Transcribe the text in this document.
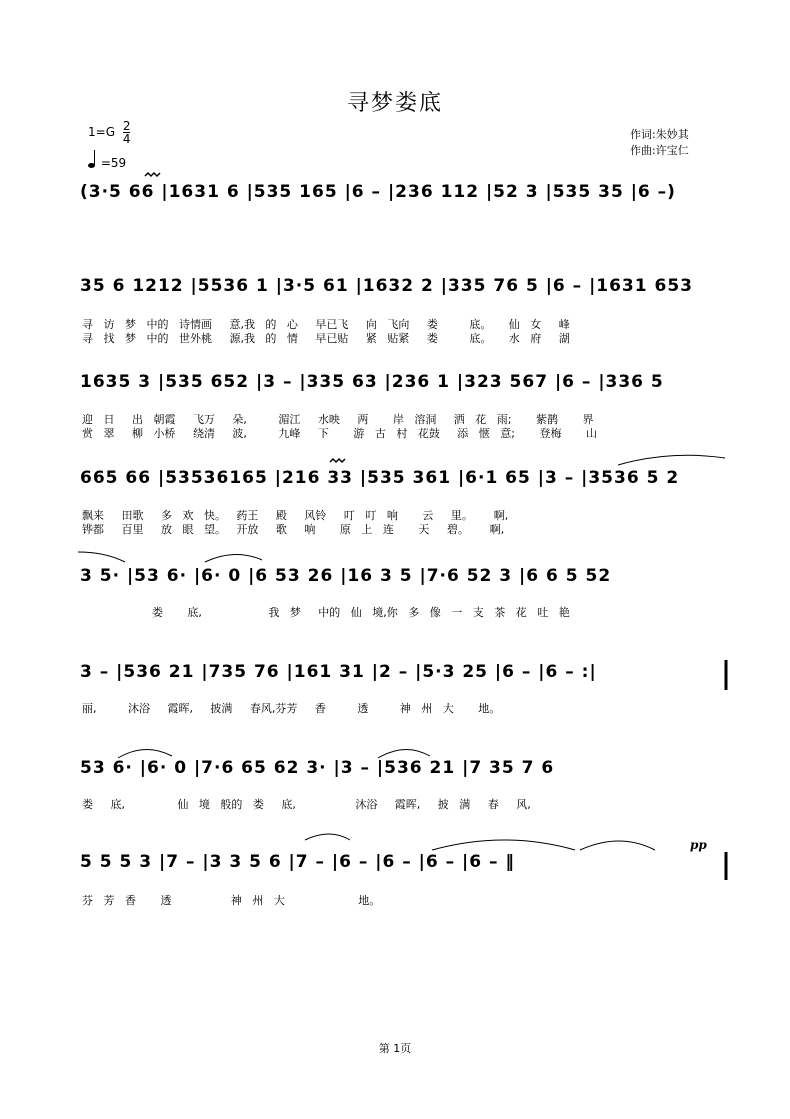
寻梦娄底
$1=G \frac{2}{4}$
=59
作词:朱妙其
作曲:许宝仁
(3·5 66 |1631 6 |535 165 |6 – |236 112 |52 3 |535 35 |6 –)
35 6 1212 |5536 1 |3·5 61 |1632 2 |335 76 5 |6 – |1631 653
寻   访   梦   中的   诗情画     意,我   的   心     早已飞     向   飞向     娄         底。     仙   女     峰
寻   找   梦   中的   世外桃     源,我   的   情     早已贴     紧   贴紧     娄         底。     水   府     湖
1635 3 |535 652 |3 – |335 63 |236 1 |323 567 |6 – |336 5
迎   日     出   朝霞     飞万     朵,         湄江     水映     两       岸   溶洞     洒   花   雨;       紫鹊       界
赏   翠     柳   小桥     绕清     波,         九峰     下       游   古   村   花鼓     添   惬   意;       登梅       山
665 66 |53536165 |216 33 |535 361 |6·1 65 |3 – |3536 5 2
飘来     田歌     多   欢   快。   药王     殿     风铃     叮   叮   响       云     里。      啊,
铧都     百里     放   眼   望。   开放     歌     响       原   上   连       天     碧。      啊,
3 5· |53 6· |6· 0 |6 53 26 |16 3 5 |7·6 52 3 |6 6 5 52
娄       底,                   我   梦     中的   仙   境,你   多   像   一   支   茶   花   吐   艳
3 – |536 21 |735 76 |161 31 |2 – |5·3 25 |6 – |6 – :|
丽,         沐浴     霞晖,     披满     春风,芬芳     香         透         神   州   大       地。
53 6· |6· 0 |7·6 65 62 3· |3 – |536 21 |7 35 7 6
娄     底,               仙   境   般的   娄     底,                 沐浴     霞晖,     披   满     春     风,
5 5 5 3 |7 – |3 3 5 6 |7 – |6 – |6 – |6 – |6 – ‖
芬   芳   香       透                 神   州   大                     地。
pp
第 1页
